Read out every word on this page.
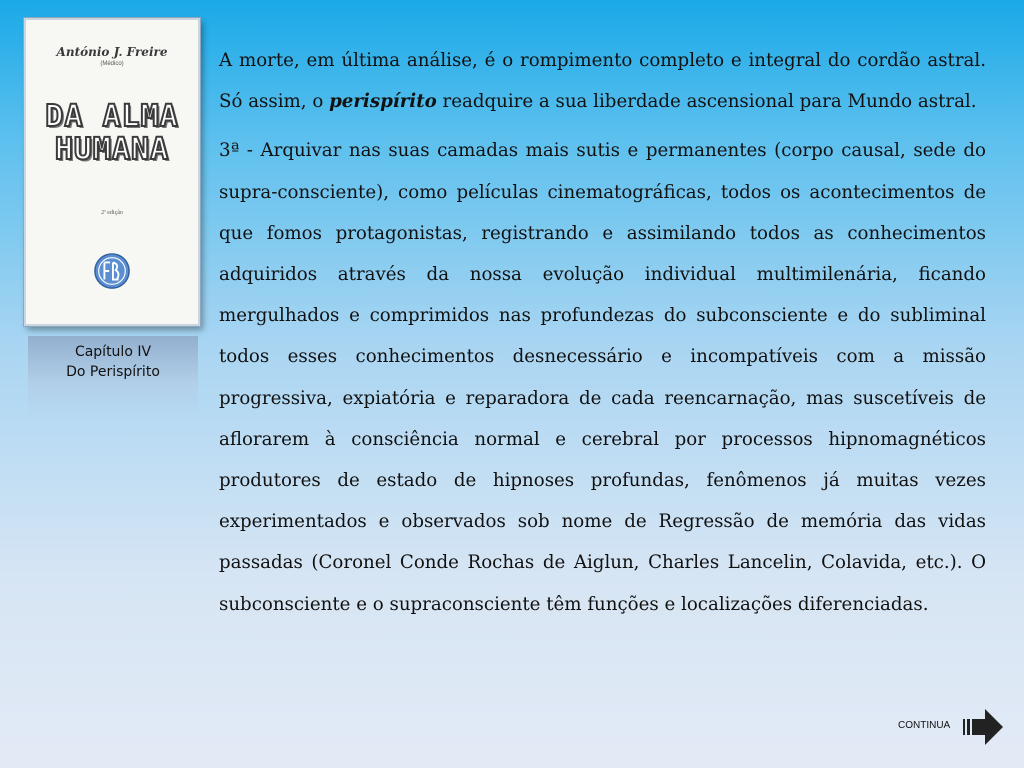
António J. Freire
(Médico)
DA ALMA
HUMANA
2ª edição
Capítulo IV
Do Perispírito

A morte, em última análise, é o rompimento completo e integral do cordão astral. Só assim, o perispírito readquire a sua liberdade ascensional para Mundo astral.

3ª - Arquivar nas suas camadas mais sutis e permanentes (corpo causal, sede do supra-consciente), como películas cinematográficas, todos os acontecimentos de que fomos protagonistas, registrando e assimilando todos as conhecimentos adquiridos através da nossa evolução individual multimilenária, ficando mergulhados e comprimidos nas profundezas do subconsciente e do subliminal todos esses conhecimentos desnecessário e incompatíveis com a missão progressiva, expiatória e reparadora de cada reencarnação, mas suscetíveis de aflorarem à consciência normal e cerebral por processos hipnomagnéticos produtores de estado de hipnoses profundas, fenômenos já muitas vezes experimentados e observados sob nome de Regressão de memória das vidas passadas (Coronel Conde Rochas de Aiglun, Charles Lancelin, Colavida, etc.). O subconsciente e o supraconsciente têm funções e localizações diferenciadas.

CONTINUA
